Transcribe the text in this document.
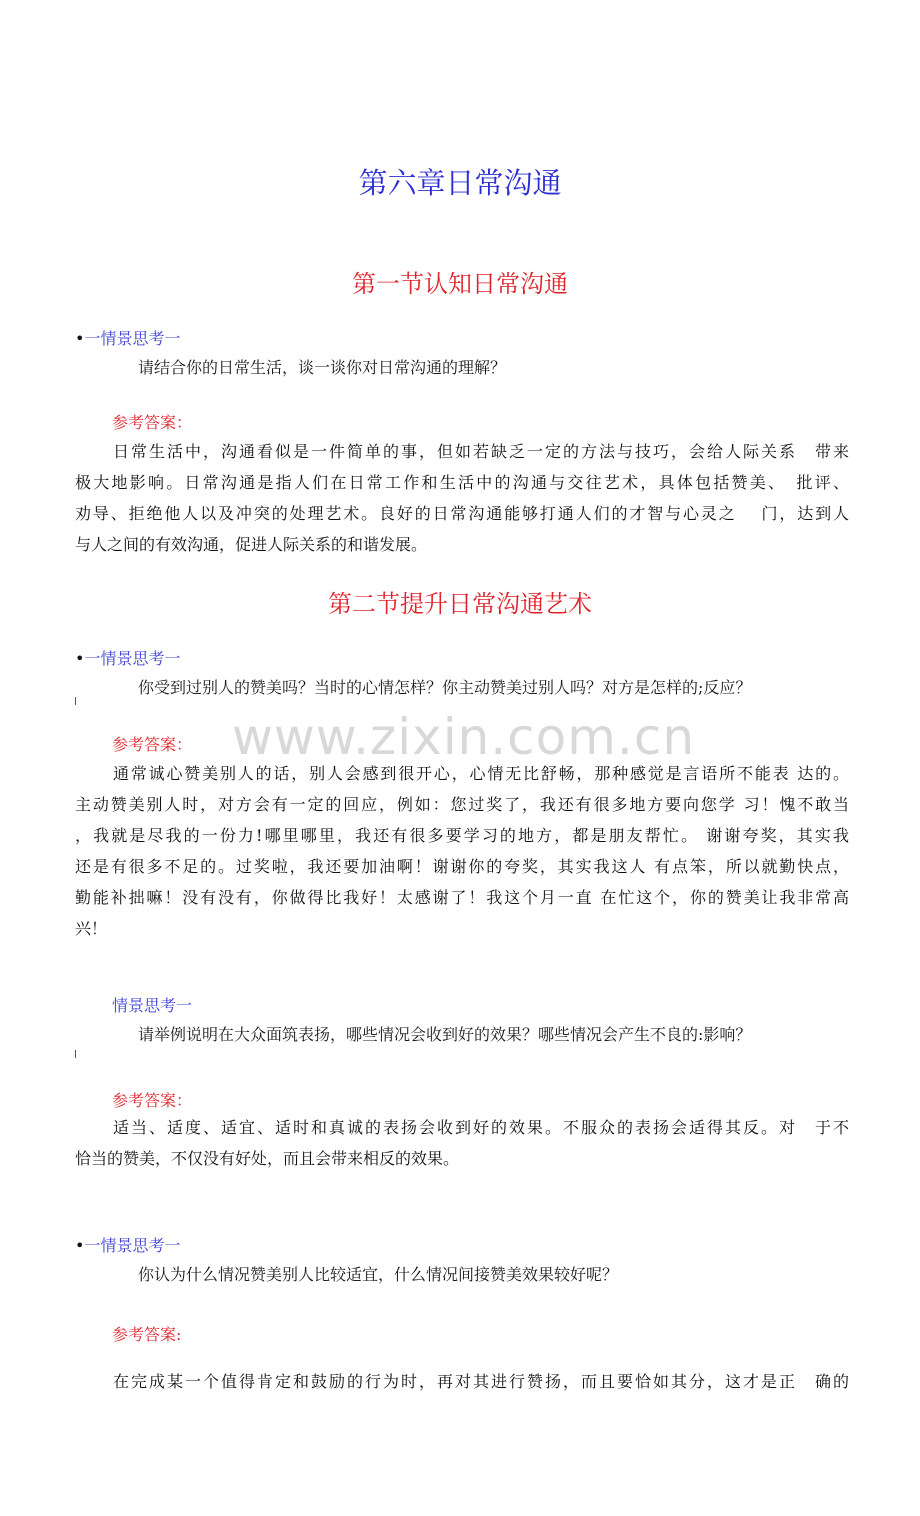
第六章日常沟通
第一节认知日常沟通
•一情景思考一
请结合你的日常生活，谈一谈你对日常沟通的理解？
参考答案：
日常生活中，沟通看似是一件简单的事，但如若缺乏一定的方法与技巧，会给人际关系　带来
极大地影响。日常沟通是指人们在日常工作和生活中的沟通与交往艺术，具体包括赞美、　批评、
劝导、拒绝他人以及冲突的处理艺术。良好的日常沟通能够打通人们的才智与心灵之　 门，达到人
与人之间的有效沟通，促进人际关系的和谐发展。
第二节提升日常沟通艺术
•一情景思考一
你受到过别人的赞美吗？当时的心情怎样？你主动赞美过别人吗？对方是怎样的;反应？
参考答案：
通常诚心赞美别人的话，别人会感到很开心，心情无比舒畅，那种感觉是言语所不能表 达的。
主动赞美别人时，对方会有一定的回应，例如：您过奖了，我还有很多地方要向您学 习！愧不敢当
，我就是尽我的一份力!哪里哪里，我还有很多要学习的地方，都是朋友帮忙。 谢谢夸奖，其实我
还是有很多不足的。过奖啦，我还要加油啊！谢谢你的夸奖，其实我这人 有点笨，所以就勤快点，
勤能补拙嘛！没有没有，你做得比我好！太感谢了！我这个月一直 在忙这个，你的赞美让我非常高
兴！
情景思考一
请举例说明在大众面筑表扬，哪些情况会收到好的效果？哪些情况会产生不良的:影响？
参考答案：
适当、适度、适宜、适时和真诚的表扬会收到好的效果。不服众的表扬会适得其反。对　于不
恰当的赞美，不仅没有好处，而且会带来相反的效果。
•一情景思考一
你认为什么情况赞美别人比较适宜，什么情况间接赞美效果较好呢？
参考答案:
在完成某一个值得肯定和鼓励的行为时，再对其进行赞扬，而且要恰如其分，这才是正　确的
www.zixin.com.cn
